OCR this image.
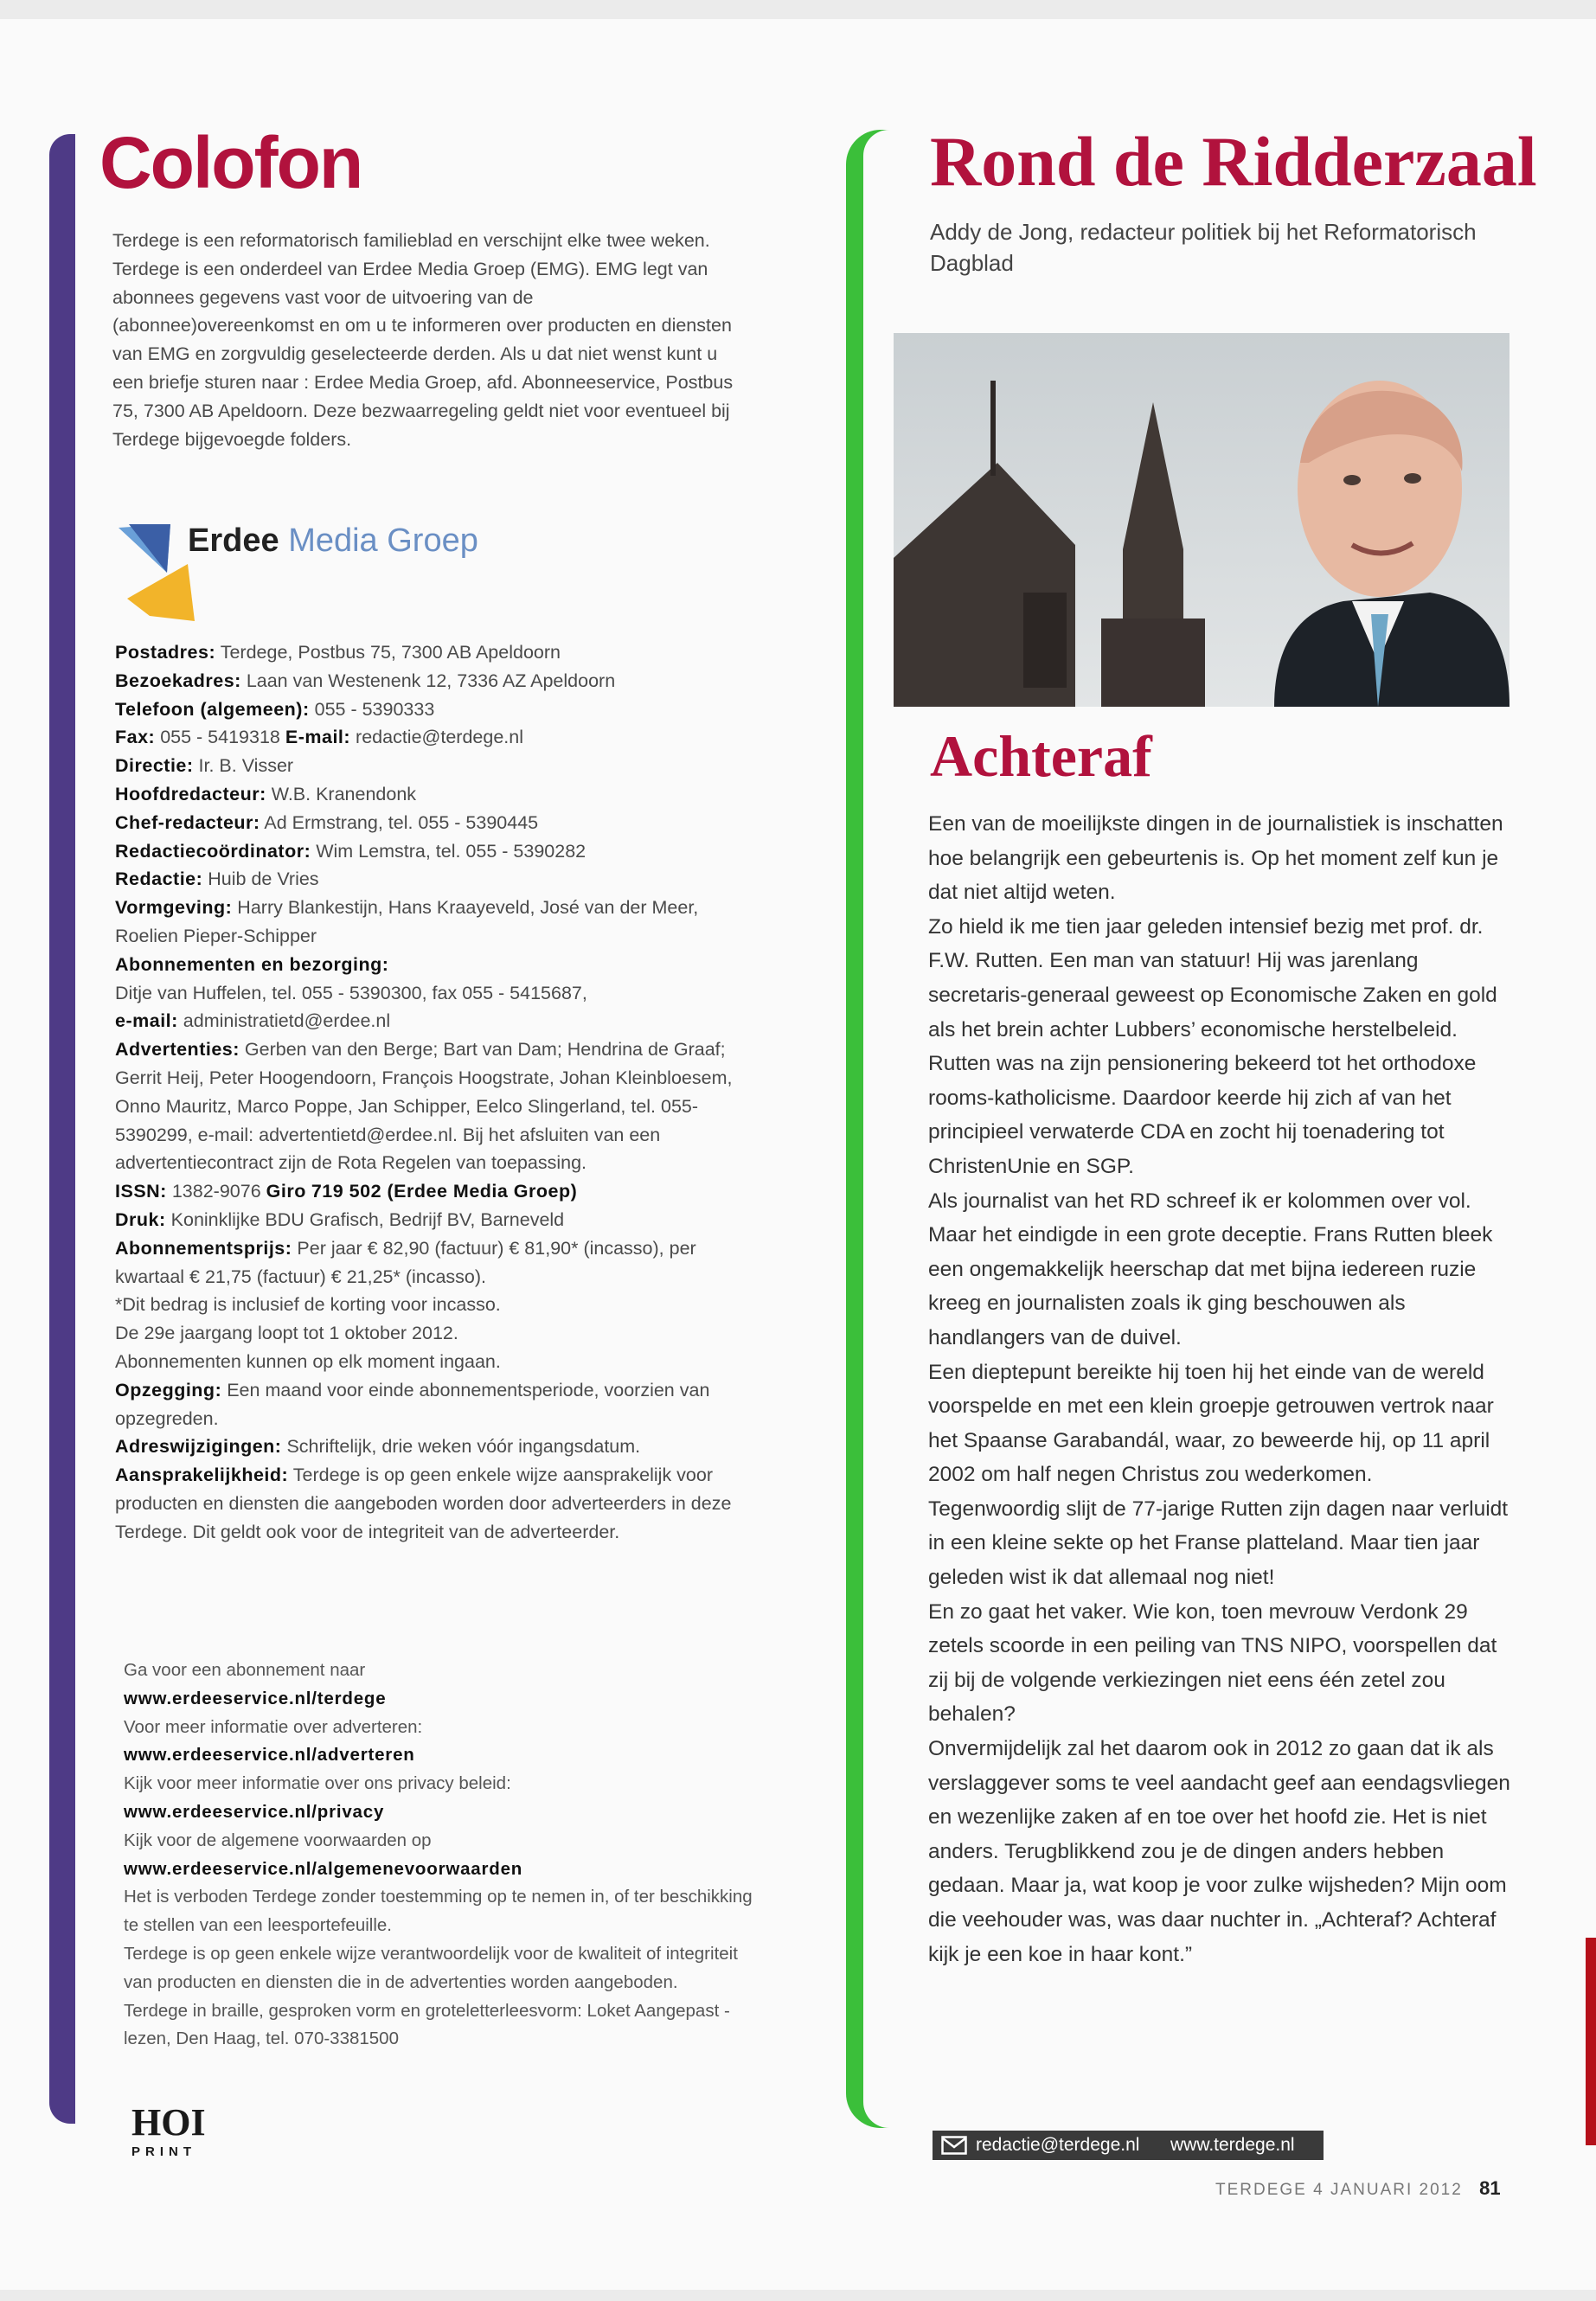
Colofon
Terdege is een reformatorisch familieblad en verschijnt elke twee weken. Terdege is een onderdeel van Erdee Media Groep (EMG). EMG legt van abonnees gegevens vast voor de uitvoering van de (abonnee)overeenkomst en om u te informeren over producten en diensten van EMG en zorgvuldig geselecteerde derden. Als u dat niet wenst kunt u een briefje sturen naar : Erdee Media Groep, afd. Abonneeservice, Postbus 75, 7300 AB Apeldoorn. Deze bezwaarregeling geldt niet voor eventueel bij Terdege bijgevoegde folders.
Erdee Media Groep

Postadres: Terdege, Postbus 75, 7300 AB Apeldoorn

Bezoekadres: Laan van Westenenk 12, 7336 AZ Apeldoorn

Telefoon (algemeen): 055 - 5390333

Fax: 055 - 5419318 E-mail: redactie@terdege.nl

Directie: Ir. B. Visser

Hoofdredacteur: W.B. Kranendonk

Chef-redacteur: Ad Ermstrang, tel. 055 - 5390445

Redactiecoördinator: Wim Lemstra, tel. 055 - 5390282

Redactie: Huib de Vries

Vormgeving: Harry Blankestijn, Hans Kraayeveld, José van der Meer, Roelien Pieper-Schipper

Abonnementen en bezorging:
Ditje van Huffelen, tel. 055 - 5390300, fax 055 - 5415687,
e-mail: administratietd@erdee.nl

Advertenties: Gerben van den Berge; Bart van Dam; Hendrina de Graaf; Gerrit Heij, Peter Hoogendoorn, François Hoogstrate, Johan Kleinbloesem, Onno Mauritz, Marco Poppe, Jan Schipper, Eelco Slingerland, tel. 055-5390299, e-mail: advertentietd@erdee.nl. Bij het afsluiten van een advertentiecontract zijn de Rota Regelen van toepassing.

ISSN: 1382-9076 Giro 719 502 (Erdee Media Groep)

Druk: Koninklijke BDU Grafisch, Bedrijf BV, Barneveld

Abonnementsprijs: Per jaar € 82,90 (factuur) € 81,90* (incasso), per kwartaal € 21,75 (factuur) € 21,25* (incasso).

*Dit bedrag is inclusief de korting voor incasso.

De 29e jaargang loopt tot 1 oktober 2012.

Abonnementen kunnen op elk moment ingaan.

Opzegging: Een maand voor einde abonnementsperiode, voorzien van opzegreden.

Adreswijzigingen: Schriftelijk, drie weken vóór ingangsdatum.

Aansprakelijkheid: Terdege is op geen enkele wijze aansprakelijk voor producten en diensten die aangeboden worden door adverteerders in deze Terdege. Dit geldt ook voor de integriteit van de adverteerder.

Ga voor een abonnement naar

www.erdeeservice.nl/terdege

Voor meer informatie over adverteren:

www.erdeeservice.nl/adverteren

Kijk voor meer informatie over ons privacy beleid:

www.erdeeservice.nl/privacy

Kijk voor de algemene voorwaarden op

www.erdeeservice.nl/algemenevoorwaarden

Het is verboden Terdege zonder toestemming op te nemen in, of ter beschikking te stellen van een leesportefeuille.

Terdege is op geen enkele wijze verantwoordelijk voor de kwaliteit of integriteit van producten en diensten die in de advertenties worden aangeboden.

Terdege in braille, gesproken vorm en groteletterleesvorm: Loket Aangepast - lezen, Den Haag, tel. 070-3381500

HOI
PRINT
Rond de Ridderzaal
Addy de Jong, redacteur politiek bij het Reformatorisch Dagblad
Achteraf

Een van de moeilijkste dingen in de journalistiek is inschatten hoe belangrijk een gebeurtenis is. Op het moment zelf kun je dat niet altijd weten.

Zo hield ik me tien jaar geleden intensief bezig met prof. dr. F.W. Rutten. Een man van statuur! Hij was jarenlang secretaris-generaal geweest op Economische Zaken en gold als het brein achter Lubbers’ economische herstelbeleid. Rutten was na zijn pensionering bekeerd tot het orthodoxe rooms-katholicisme. Daardoor keerde hij zich af van het principieel verwaterde CDA en zocht hij toenadering tot ChristenUnie en SGP.

Als journalist van het RD schreef ik er kolommen over vol. Maar het eindigde in een grote deceptie. Frans Rutten bleek een ongemakkelijk heerschap dat met bijna iedereen ruzie kreeg en journalisten zoals ik ging beschouwen als handlangers van de duivel.

Een dieptepunt bereikte hij toen hij het einde van de wereld voorspelde en met een klein groepje getrouwen vertrok naar het Spaanse Garabandál, waar, zo beweerde hij, op 11 april 2002 om half negen Christus zou wederkomen.

Tegenwoordig slijt de 77-jarige Rutten zijn dagen naar verluidt in een kleine sekte op het Franse platteland. Maar tien jaar geleden wist ik dat allemaal nog niet!

En zo gaat het vaker. Wie kon, toen mevrouw Verdonk 29 zetels scoorde in een peiling van TNS NIPO, voorspellen dat zij bij de volgende verkiezingen niet eens één zetel zou behalen?

Onvermijdelijk zal het daarom ook in 2012 zo gaan dat ik als verslaggever soms te veel aandacht geef aan eendagsvliegen en wezenlijke zaken af en toe over het hoofd zie. Het is niet anders. Terugblikkend zou je de dingen anders hebben gedaan. Maar ja, wat koop je voor zulke wijsheden? Mijn oom die veehouder was, was daar nuchter in. „Achteraf? Achteraf kijk je een koe in haar kont.”

redactie@terdege.nl www.terdege.nl
TERDEGE 4 JANUARI 2012 81
